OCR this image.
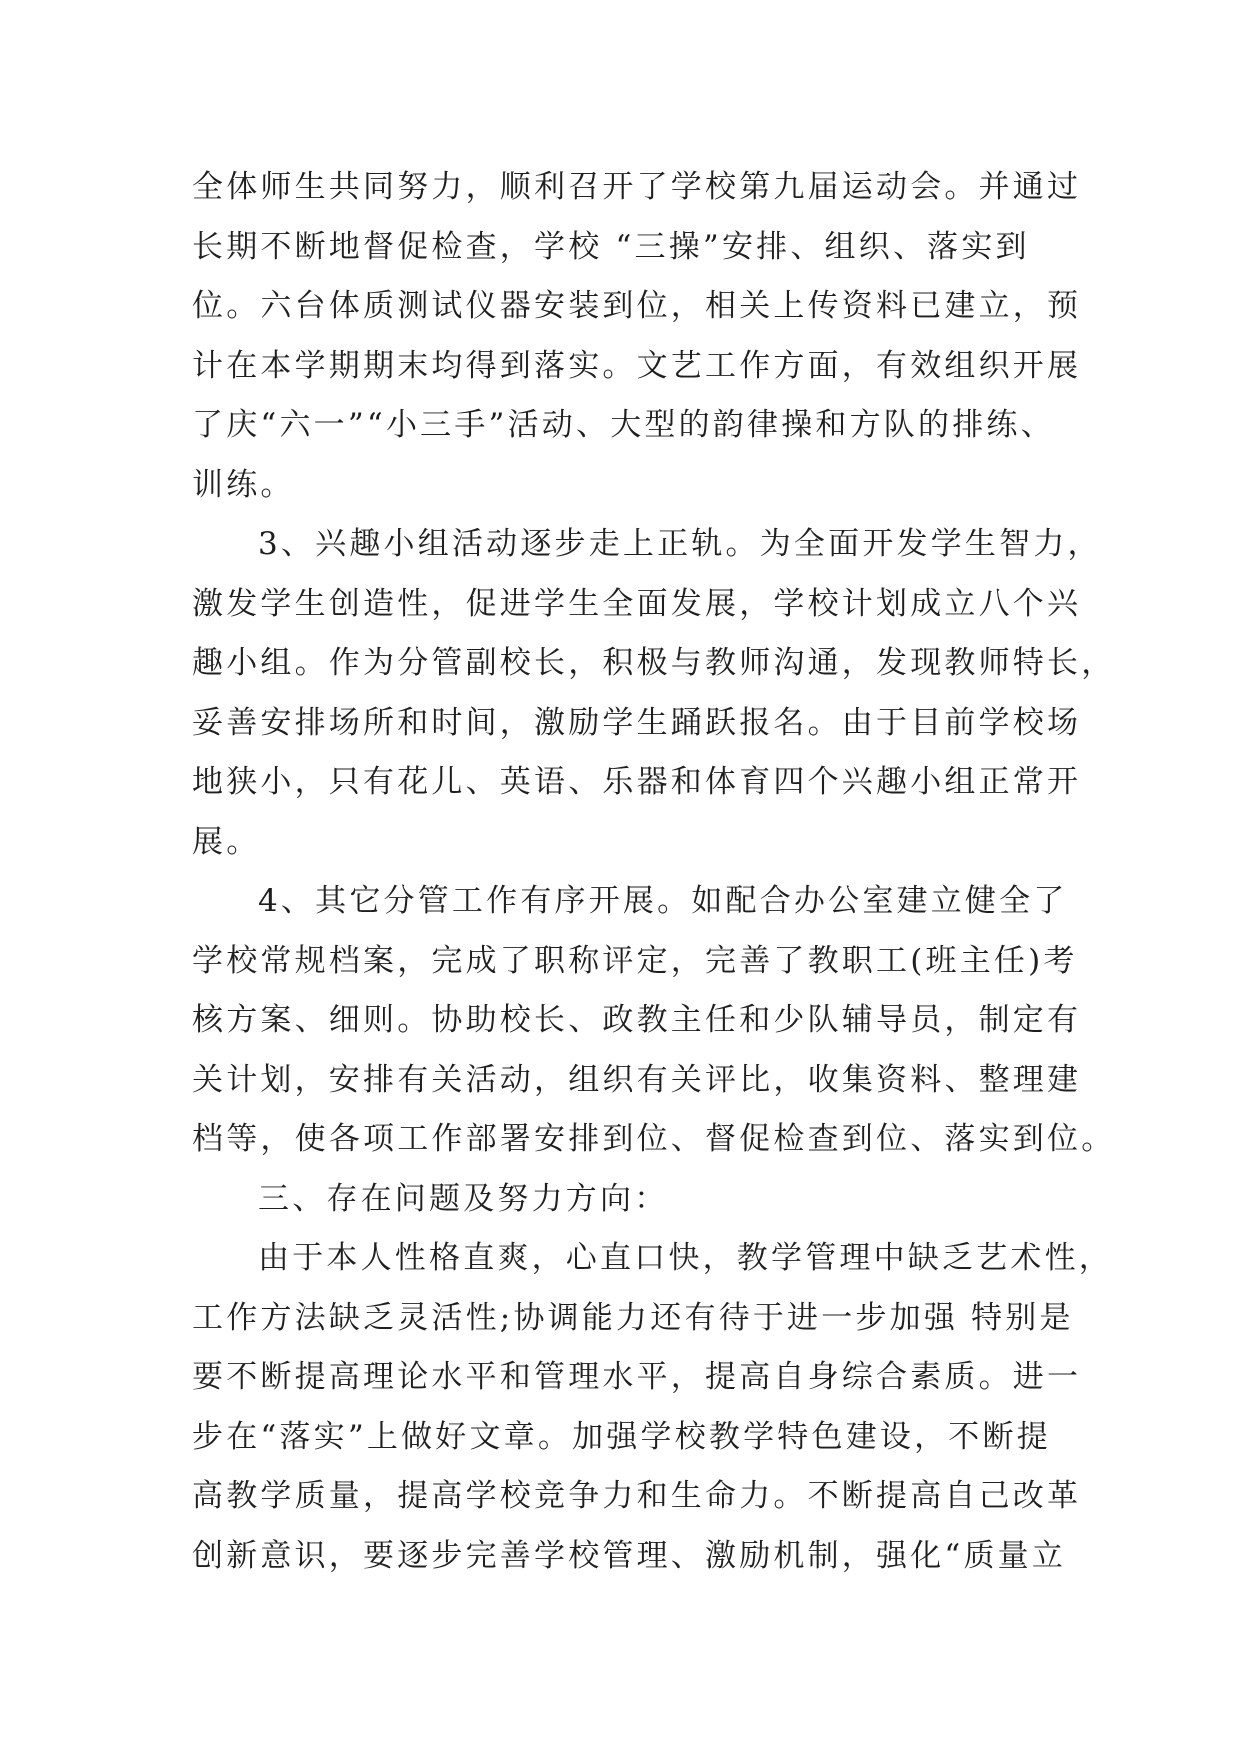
全体师生共同努力，顺利召开了学校第九届运动会。并通过
长期不断地督促检查，学校 “三操”安排、组织、落实到
位。六台体质测试仪器安装到位，相关上传资料已建立，预
计在本学期期末均得到落实。文艺工作方面，有效组织开展
了庆“六一”“小三手”活动、大型的韵律操和方队的排练、
训练。
3、兴趣小组活动逐步走上正轨。为全面开发学生智力，
激发学生创造性，促进学生全面发展，学校计划成立八个兴
趣小组。作为分管副校长，积极与教师沟通，发现教师特长，
妥善安排场所和时间，激励学生踊跃报名。由于目前学校场
地狭小，只有花儿、英语、乐器和体育四个兴趣小组正常开
展。
4、其它分管工作有序开展。如配合办公室建立健全了
学校常规档案，完成了职称评定，完善了教职工(班主任)考
核方案、细则。协助校长、政教主任和少队辅导员，制定有
关计划，安排有关活动，组织有关评比，收集资料、整理建
档等，使各项工作部署安排到位、督促检查到位、落实到位。
三、存在问题及努力方向：
由于本人性格直爽，心直口快，教学管理中缺乏艺术性，
工作方法缺乏灵活性;协调能力还有待于进一步加强 特别是
要不断提高理论水平和管理水平，提高自身综合素质。进一
步在“落实”上做好文章。加强学校教学特色建设，不断提
高教学质量，提高学校竞争力和生命力。不断提高自己改革
创新意识，要逐步完善学校管理、激励机制，强化“质量立
